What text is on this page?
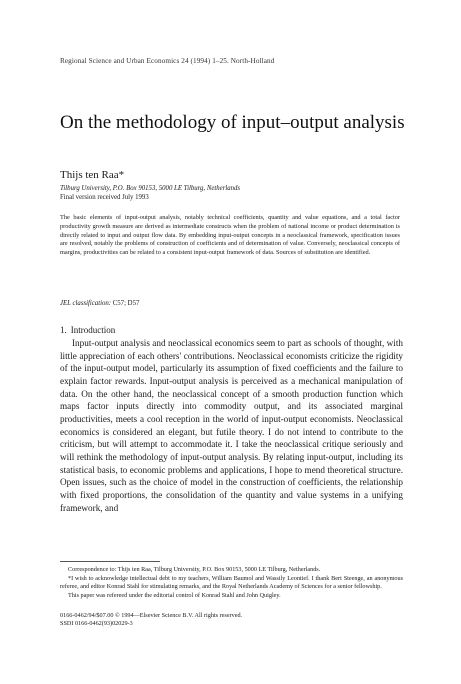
Regional Science and Urban Economics 24 (1994) 1–25. North-Holland
On the methodology of input–output analysis
Thijs ten Raa*
Tilburg University, P.O. Box 90153, 5000 LE Tilburg, Netherlands
Final version received July 1993
The basic elements of input-output analysis, notably technical coefficients, quantity and value equations, and a total factor productivity growth measure are derived as intermediate constructs when the problem of national income or product determination is directly related to input and output flow data. By embedding input-output concepts in a neoclassical framework, specification issues are resolved, notably the problems of construction of coefficients and of determination of value. Conversely, neoclassical concepts of margins, productivities can be related to a consistent input-output framework of data. Sources of substitution are identified.
JEL classification: C57; D57
1. Introduction

Input-output analysis and neoclassical economics seem to part as schools of thought, with little appreciation of each others' contributions. Neoclassical economists criticize the rigidity of the input-output model, particularly its assumption of fixed coefficients and the failure to explain factor rewards. Input-output analysis is perceived as a mechanical manipulation of data. On the other hand, the neoclassical concept of a smooth production function which maps factor inputs directly into commodity output, and its associated marginal productivities, meets a cool reception in the world of input-output economists. Neoclassical economics is considered an elegant, but futile theory. I do not intend to contribute to the criticism, but will attempt to accommodate it. I take the neoclassical critique seriously and will rethink the methodology of input-output analysis. By relating input-output, including its statistical basis, to economic problems and applications, I hope to mend theoretical structure. Open issues, such as the choice of model in the construction of coefficients, the relationship with fixed proportions, the consolidation of the quantity and value systems in a unifying framework, and

Correspondence to: Thijs ten Raa, Tilburg University, P.O. Box 90153, 5000 LE Tilburg, Netherlands.

*I wish to acknowledge intellectual debt to my teachers, William Baumol and Wassily Leontief. I thank Bert Steenge, an anonymous referee, and editor Konrad Stahl for stimulating remarks, and the Royal Netherlands Academy of Sciences for a senior fellowship.

This paper was refereed under the editorial control of Konrad Stahl and John Quigley.

0166-0462/94/$07.00 © 1994—Elsevier Science B.V. All rights reserved.
SSDI 0166-0462(93)02029-3
